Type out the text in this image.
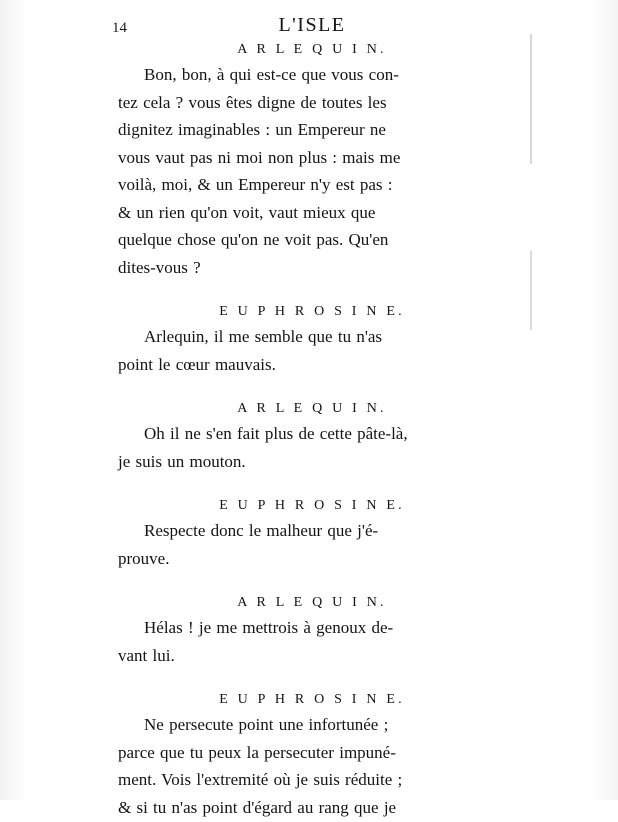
14	L'ISLE
A R L E Q U I N.
Bon, bon, à qui est-ce que vous con-
tez cela ? vous êtes digne de toutes les
dignitez imaginables : un Empereur ne
vous vaut pas ni moi non plus : mais me
voilà, moi, & un Empereur n'y est pas :
& un rien qu'on voit, vaut mieux que
quelque chose qu'on ne voit pas. Qu'en
dites-vous ?
E U P H R O S I N E.
Arlequin, il me semble que tu n'as
point le cœur mauvais.
A R L E Q U I N.
Oh il ne s'en fait plus de cette pâte-là,
je suis un mouton.
E U P H R O S I N E.
Respecte donc le malheur que j'é-
prouve.
A R L E Q U I N.
Hélas ! je me mettrois à genoux de-
vant lui.
E U P H R O S I N E.
Ne persecute point une infortunée ;
parce que tu peux la persecuter impuné-
ment. Vois l'extremité où je suis réduite ;
& si tu n'as point d'égard au rang que je
